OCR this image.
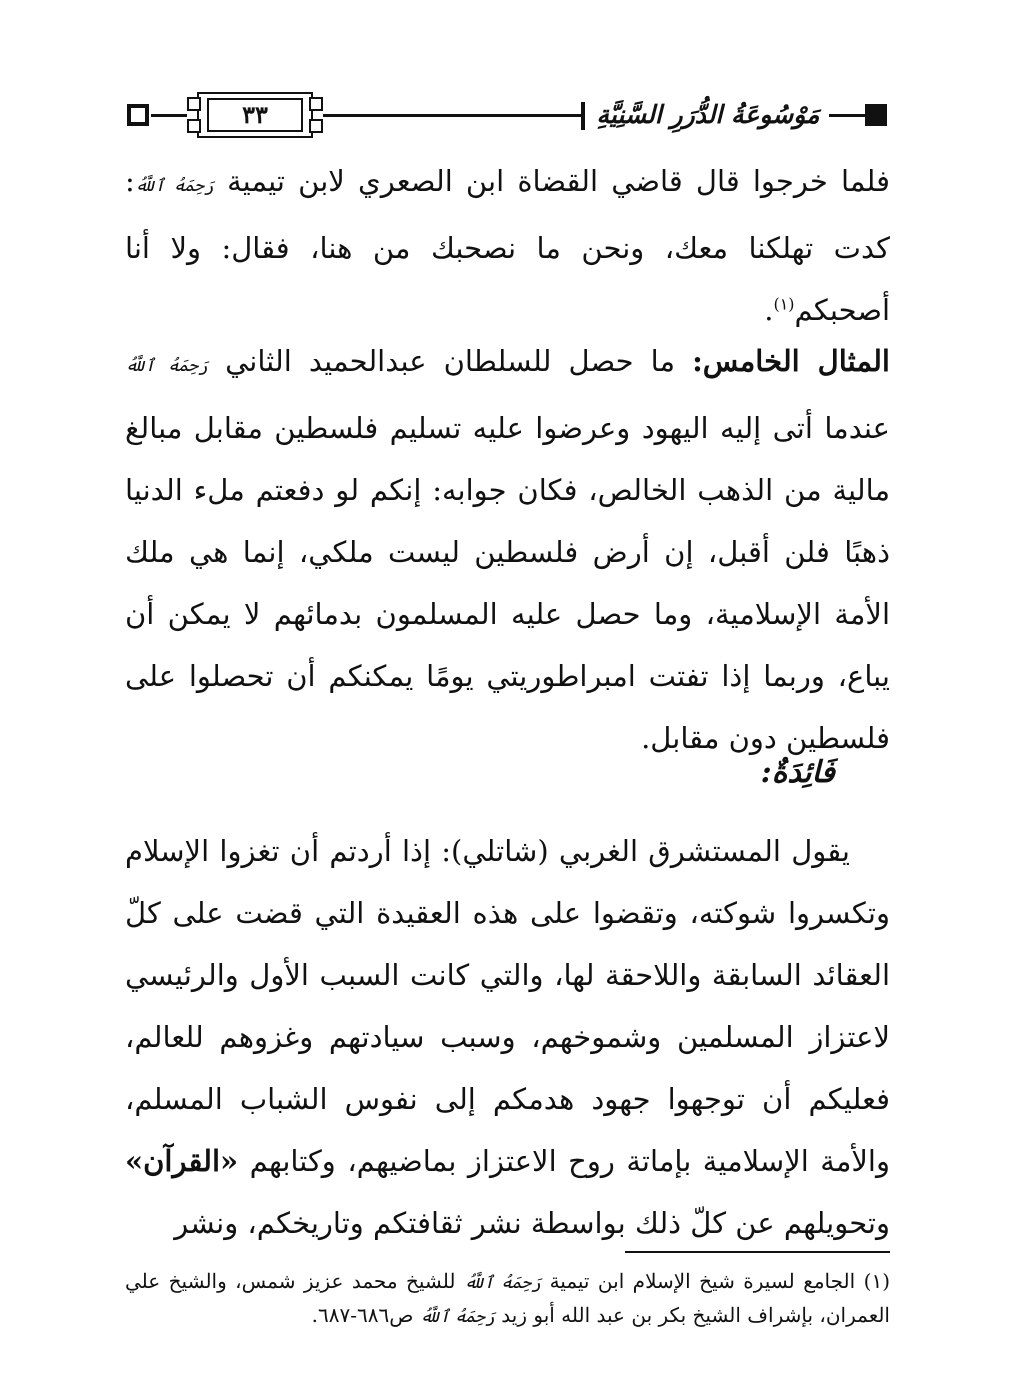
٣٣	مَوْسُوعَةُ الدُّرَرِ السَّنِيَّةِ

فلما خرجوا قال قاضي القضاة ابن الصعري لابن تيمية رَحِمَهُ ٱللَّهُ: كدت تهلكنا معك، ونحن ما نصحبك من هنا، فقال: ولا أنا أصحبكم$^{(١)}$.

المثال الخامس: ما حصل للسلطان عبدالحميد الثاني رَحِمَهُ ٱللَّهُ عندما أتى إليه اليهود وعرضوا عليه تسليم فلسطين مقابل مبالغ مالية من الذهب الخالص، فكان جوابه: إنكم لو دفعتم ملء الدنيا ذهبًا فلن أقبل، إن أرض فلسطين ليست ملكي، إنما هي ملك الأمة الإسلامية، وما حصل عليه المسلمون بدمائهم لا يمكن أن يباع، وربما إذا تفتت امبراطوريتي يومًا يمكنكم أن تحصلوا على فلسطين دون مقابل.

فَائِدَةٌ:

يقول المستشرق الغربي (شاتلي): إذا أردتم أن تغزوا الإسلام وتكسروا شوكته، وتقضوا على هذه العقيدة التي قضت على كلّ العقائد السابقة واللاحقة لها، والتي كانت السبب الأول والرئيسي لاعتزاز المسلمين وشموخهم، وسبب سيادتهم وغزوهم للعالم، فعليكم أن توجهوا جهود هدمكم إلى نفوس الشباب المسلم، والأمة الإسلامية بإماتة روح الاعتزاز بماضيهم، وكتابهم «القرآن» وتحويلهم عن كلّ ذلك بواسطة نشر ثقافتكم وتاريخكم، ونشر

(١) الجامع لسيرة شيخ الإسلام ابن تيمية رَحِمَهُ ٱللَّهُ للشيخ محمد عزيز شمس، والشيخ علي العمران، بإشراف الشيخ بكر بن عبد الله أبو زيد رَحِمَهُ ٱللَّهُ ص٦٨٦-٦٨٧.
